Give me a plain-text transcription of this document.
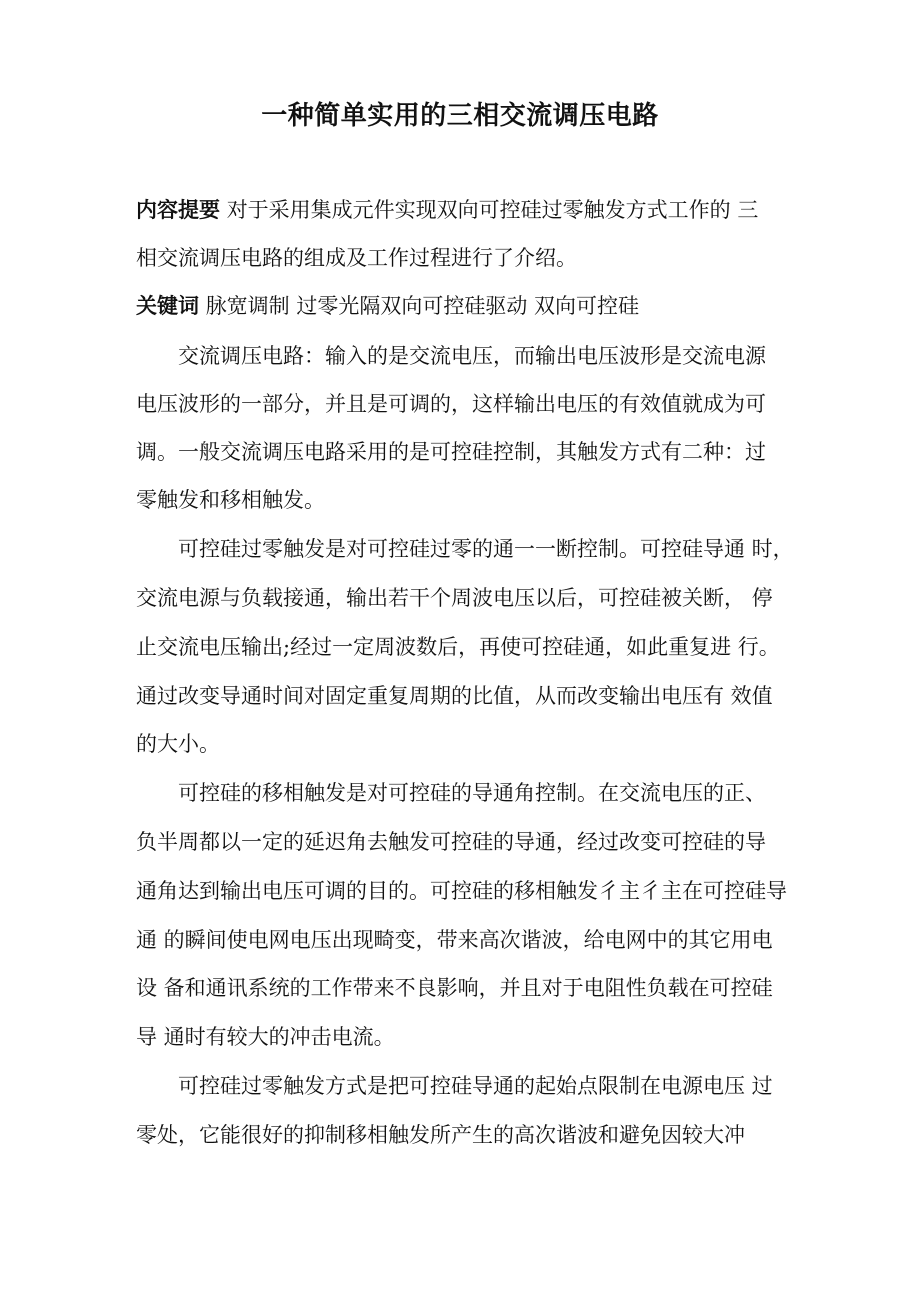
一种简单实用的三相交流调压电路
内容提要 对于采用集成元件实现双向可控硅过零触发方式工作的 三
相交流调压电路的组成及工作过程进行了介绍。
关键词 脉宽调制 过零光隔双向可控硅驱动 双向可控硅
交流调压电路：输入的是交流电压，而输出电压波形是交流电源
电压波形的一部分，并且是可调的，这样输出电压的有效值就成为可
调。一般交流调压电路采用的是可控硅控制，其触发方式有二种：过
零触发和移相触发。
可控硅过零触发是对可控硅过零的通一一断控制。可控硅导通 时，
交流电源与负载接通，输出若干个周波电压以后，可控硅被关断， 停
止交流电压输出;经过一定周波数后，再使可控硅通，如此重复进 行。
通过改变导通时间对固定重复周期的比值，从而改变输出电压有 效值
的大小。
可控硅的移相触发是对可控硅的导通角控制。在交流电压的正、
负半周都以一定的延迟角去触发可控硅的导通，经过改变可控硅的导
通角达到输出电压可调的目的。可控硅的移相触发彳主彳主在可控硅导
通 的瞬间使电网电压出现畸变，带来高次谐波，给电网中的其它用电
设 备和通讯系统的工作带来不良影响，并且对于电阻性负载在可控硅
导 通时有较大的冲击电流。
可控硅过零触发方式是把可控硅导通的起始点限制在电源电压 过
零处，它能很好的抑制移相触发所产生的高次谐波和避免因较大冲
